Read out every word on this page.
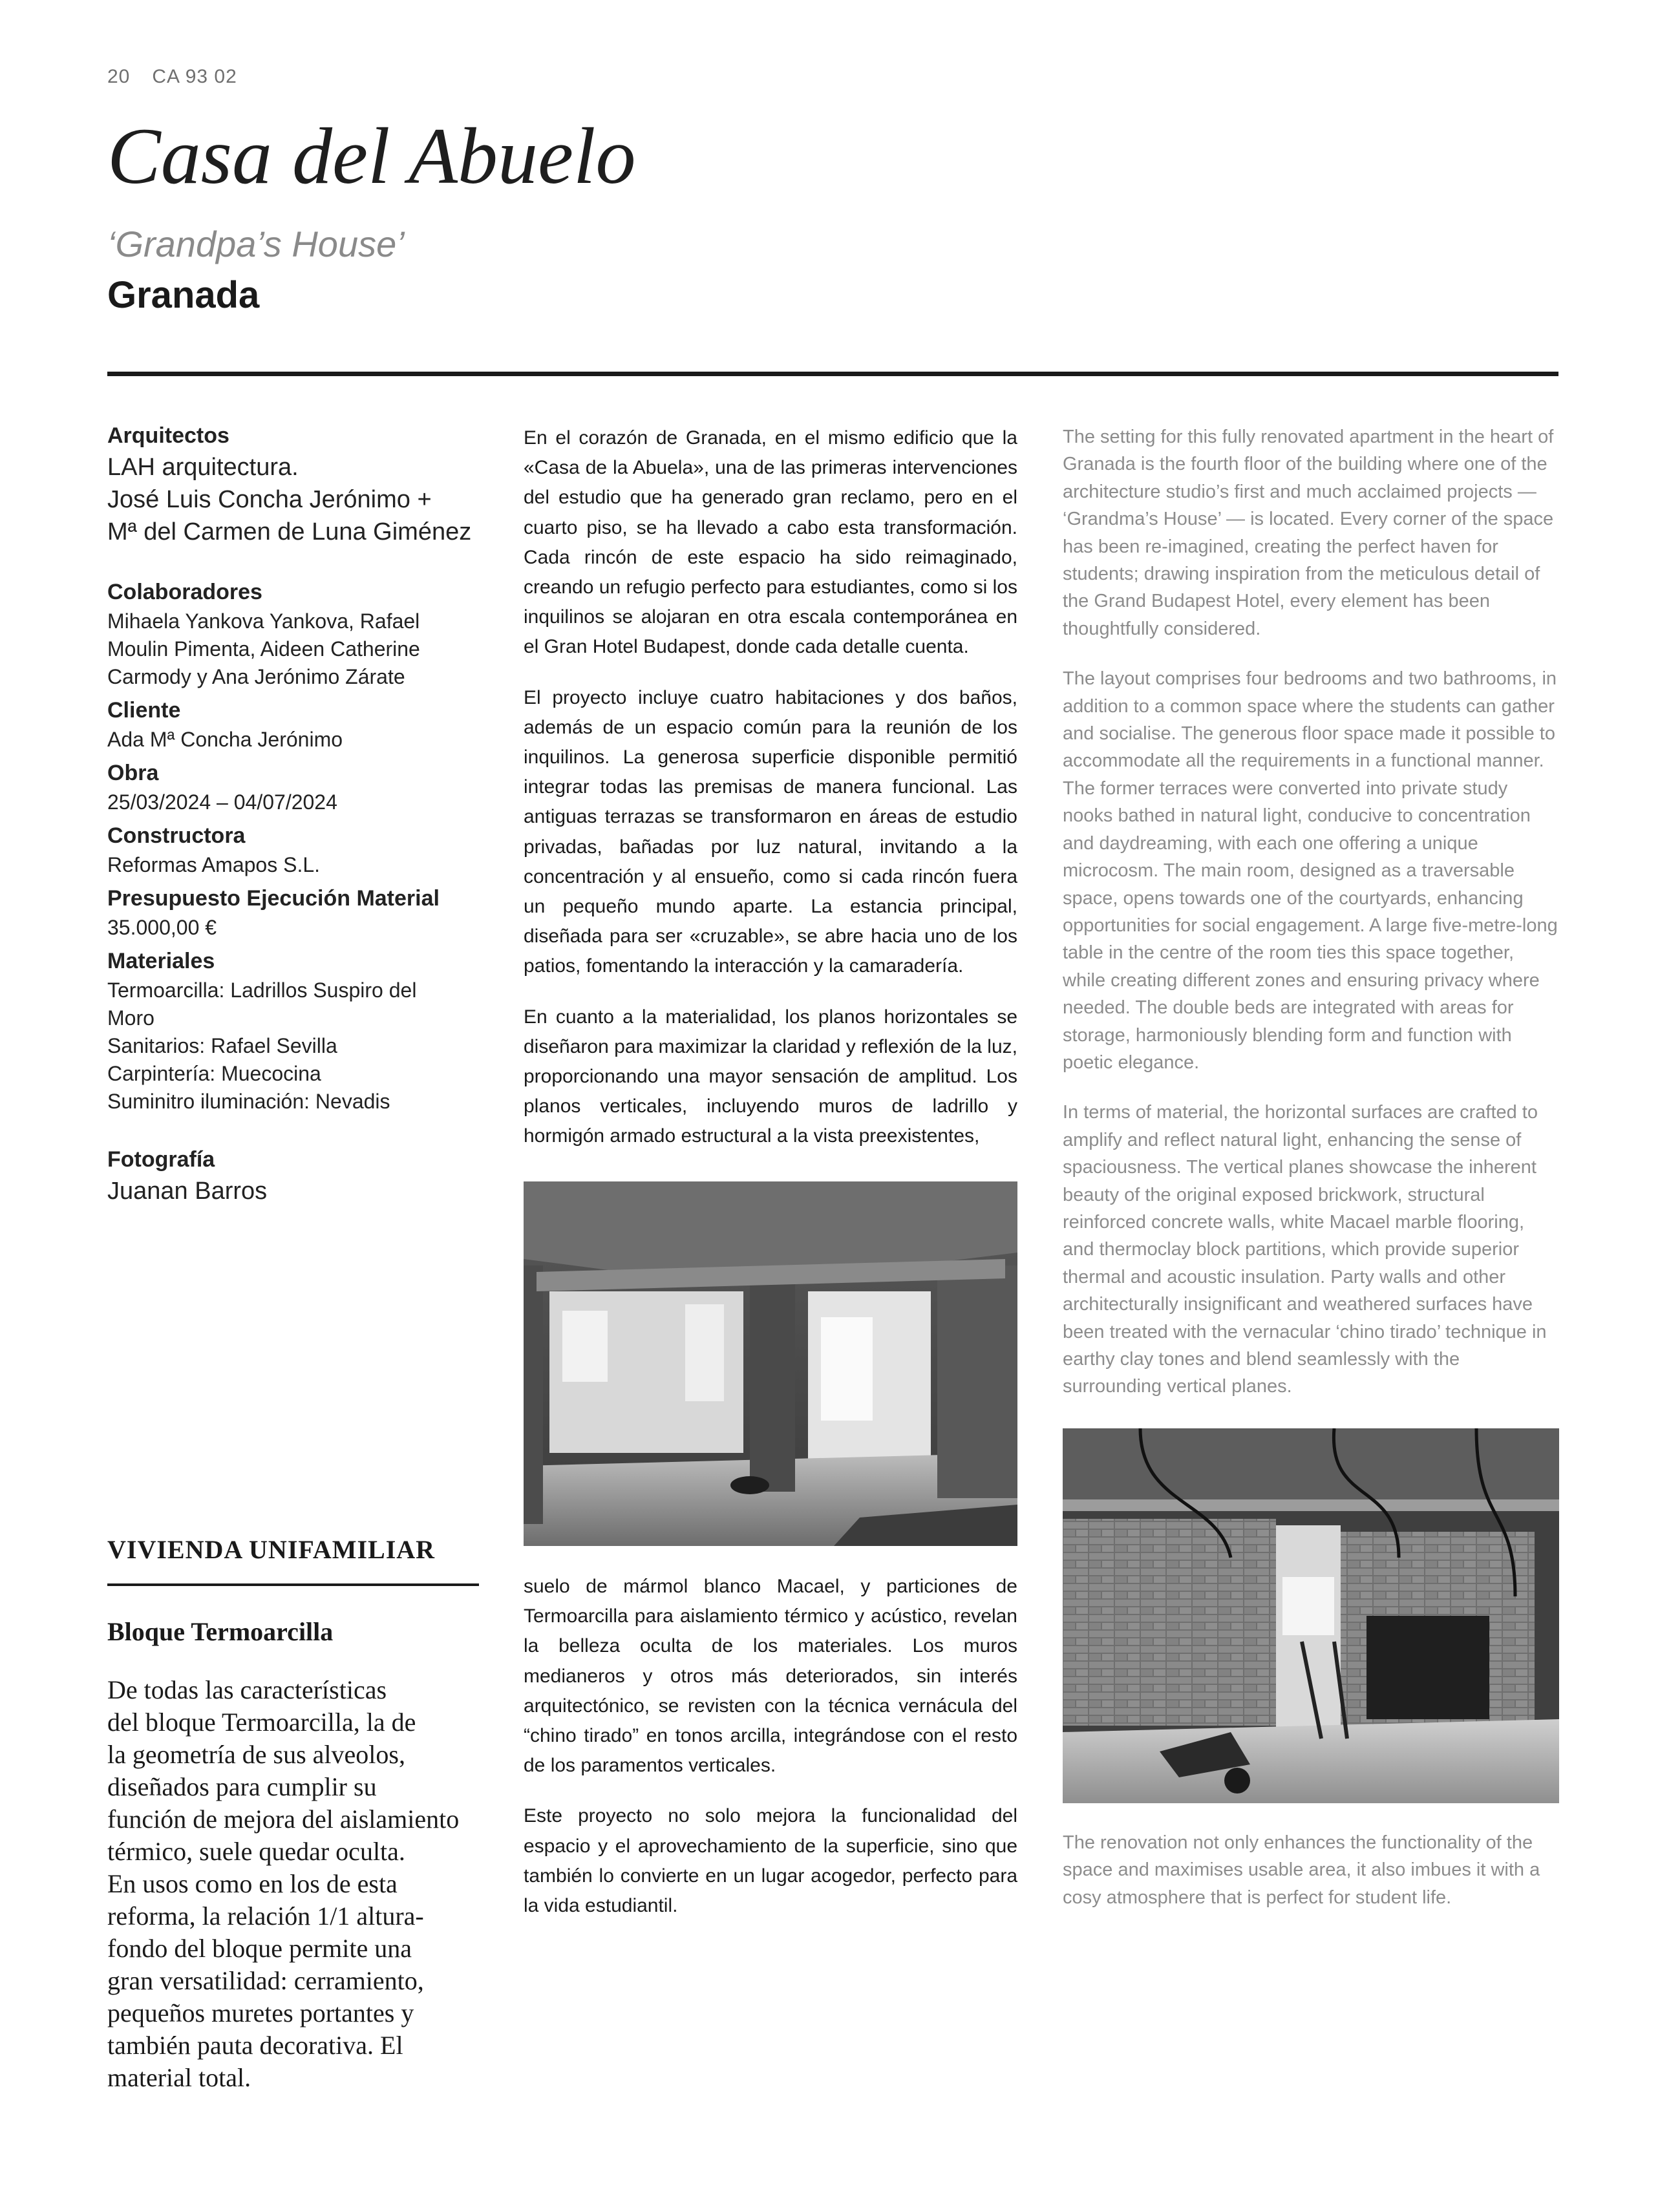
20 CA 93 02
Casa del Abuelo
‘Grandpa’s House’
Granada
Arquitectos
LAH arquitectura.
José Luis Concha Jerónimo +
Mª del Carmen de Luna Giménez
Colaboradores
Mihaela Yankova Yankova, Rafael
Moulin Pimenta, Aideen Catherine
Carmody y Ana Jerónimo Zárate
Cliente
Ada Mª Concha Jerónimo
Obra
25/03/2024 – 04/07/2024
Constructora
Reformas Amapos S.L.
Presupuesto Ejecución Material
35.000,00 €
Materiales
Termoarcilla: Ladrillos Suspiro del
Moro
Sanitarios: Rafael Sevilla
Carpintería: Muecocina
Suminitro iluminación: Nevadis
Fotografía
Juanan Barros
VIVIENDA UNIFAMILIAR
Bloque Termoarcilla
De todas las características
del bloque Termoarcilla, la de
la geometría de sus alveolos,
diseñados para cumplir su
función de mejora del aislamiento
térmico, suele quedar oculta.
En usos como en los de esta
reforma, la relación 1/1 altura-
fondo del bloque permite una
gran versatilidad: cerramiento,
pequeños muretes portantes y
también pauta decorativa. El
material total.

En el corazón de Granada, en el mismo edificio que la «Casa de la Abuela», una de las primeras intervenciones del estudio que ha generado gran reclamo, pero en el cuarto piso, se ha llevado a cabo esta transformación. Cada rincón de este espacio ha sido reimaginado, creando un refugio perfecto para estudiantes, como si los inquilinos se alojaran en otra escala contemporánea en el Gran Hotel Budapest, donde cada detalle cuenta.

El proyecto incluye cuatro habitaciones y dos baños, además de un espacio común para la reunión de los inquilinos. La generosa superficie disponible permitió integrar todas las premisas de manera funcional. Las antiguas terrazas se transformaron en áreas de estudio privadas, bañadas por luz natural, invitando a la concentración y al ensueño, como si cada rincón fuera un pequeño mundo aparte. La estancia principal, diseñada para ser «cruzable», se abre hacia uno de los patios, fomentando la interacción y la camaradería.

En cuanto a la materialidad, los planos horizontales se diseñaron para maximizar la claridad y reflexión de la luz, proporcionando una mayor sensación de amplitud. Los planos verticales, incluyendo muros de ladrillo y hormigón armado estructural a la vista preexistentes,

suelo de mármol blanco Macael, y particiones de Termoarcilla para aislamiento térmico y acústico, revelan la belleza oculta de los materiales. Los muros medianeros y otros más deteriorados, sin interés arquitectónico, se revisten con la técnica vernácula del “chino tirado” en tonos arcilla, integrándose con el resto de los paramentos verticales.

Este proyecto no solo mejora la funcionalidad del espacio y el aprovechamiento de la superficie, sino que también lo convierte en un lugar acogedor, perfecto para la vida estudiantil.

The setting for this fully renovated apartment in the heart of Granada is the fourth floor of the building where one of the architecture studio’s first and much acclaimed projects — ‘Grandma’s House’ — is located. Every corner of the space has been re-imagined, creating the perfect haven for students; drawing inspiration from the meticulous detail of the Grand Budapest Hotel, every element has been thoughtfully considered.

The layout comprises four bedrooms and two bathrooms, in addition to a common space where the students can gather and socialise. The generous floor space made it possible to accommodate all the requirements in a functional manner. The former terraces were converted into private study nooks bathed in natural light, conducive to concentration and daydreaming, with each one offering a unique microcosm. The main room, designed as a traversable space, opens towards one of the courtyards, enhancing opportunities for social engagement. A large five-metre-long table in the centre of the room ties this space together, while creating different zones and ensuring privacy where needed. The double beds are integrated with areas for storage, harmoniously blending form and function with poetic elegance.

In terms of material, the horizontal surfaces are crafted to amplify and reflect natural light, enhancing the sense of spaciousness. The vertical planes showcase the inherent beauty of the original exposed brickwork, structural reinforced concrete walls, white Macael marble flooring, and thermoclay block partitions, which provide superior thermal and acoustic insulation. Party walls and other architecturally insignificant and weathered surfaces have been treated with the vernacular ‘chino tirado’ technique in earthy clay tones and blend seamlessly with the surrounding vertical planes.

The renovation not only enhances the functionality of the space and maximises usable area, it also imbues it with a cosy atmosphere that is perfect for student life.
